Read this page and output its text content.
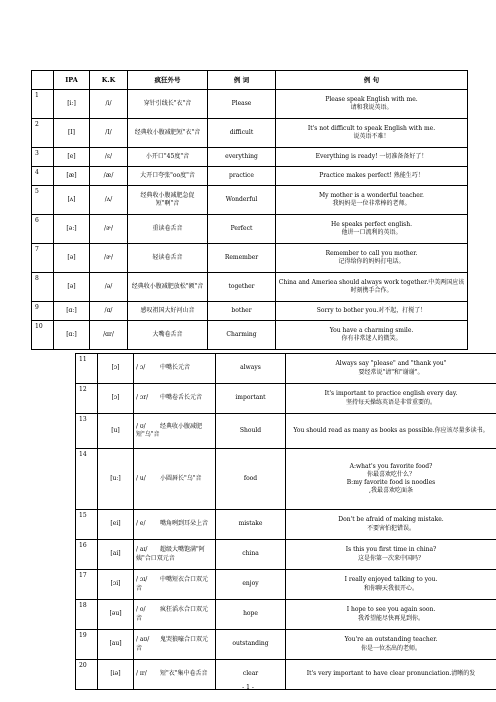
	IPA	K.K	疯狂外号	例 词	例 句
1	[iː]	/i/	穿针引线长"衣"音	Please	Please speak English with me.
请和我说英语。

2	[I]	/I/	经典收小腹减肥短"衣"音	difficult	It's not difficult to speak English with me.
说英语不难！

3	[e]	/ε/	小开口"45度"音	everything	Everything is ready! 一切准备备好了！

4	[æ]	/æ/	大开口夸张"oo度"音	practice	Practice makes perfect! 熟能生巧！

5	[ʌ]	/ʌ/	经典收小腹减肥急促短"啊"音	Wonderful	My mother is a wonderful teacher.
我妈妈是一位非常棒的老师。

6	[əː]	/ɚ/	重读卷舌音	Perfect	He speaks perfect english.
他讲一口流利的英语。

7	[ə]	/ɚ/	轻读卷舌音	Remember	Remember to call you mother.
记得给你的妈妈打电话。

8	[ə]	/ə/	经典收小腹减肥放松"额"音	together	China and Amerieа should always work together.中美两国应该时刻携手合作。

9	[ɑː]	/ɑ/	感叹祖国大好河山音	bother	Sorry to bother you.对不起，打搅了！

10	[ɑː]	/ɑr/	大嘴卷舌音	Charming	You have a charming smile.
你有非常迷人的微笑。
11	[ɔ]	/ ɔ/ 中嘴长元音	always	Always say "please" and "thank you"
要经常说"请"和"谢谢"。

12	[ɔ]	/ ɔr/ 中嘴卷舌长元音	important	It's important to practice english every day.
坚持每天操练英语是非常重要的。

13	[u]	/ ʊ/ 经典收小腹减肥短"乌"音	Should	You should read as many as books as possible.你应该尽量多读书。

14	[uː]	/ u/ 小圆唇长"乌"音	food	A:what's you favorite food?
你最喜欢吃什么？
B:my favorite food is noodles
,我最喜欢吃面条

15	[ei]	/ e/ 嘴角咧到耳朵上音	mistake	Don't be afraid of making mistake.
不要害怕犯错误。

16	[ai]	/ aɪ/ 超级大嘴饱满"阿姨"合口双元音	china	Is this you first time in china?
这是你第一次来中国吗？

17	[ɔi]	/ ɔɪ/ 中嘴短衣合口双元音	enjoy	I really enjoyed talking to you.
和你聊天我很开心。

18	[əu]	/ o/ 疯狂滔水合口双元音	hope	I hope to see you again soon.
我希望能尽快再见到你。

19	[au]	/ aʊ/ 鬼哭狼嚎合口双元音	outstanding	You're an outstanding teacher.
你是一位杰出的老师。

20	[iə]	/ ɪr/ 短"衣"集中卷舌音	clear	It's very important to have clear pronunciation.清晰的发
- 1 -
